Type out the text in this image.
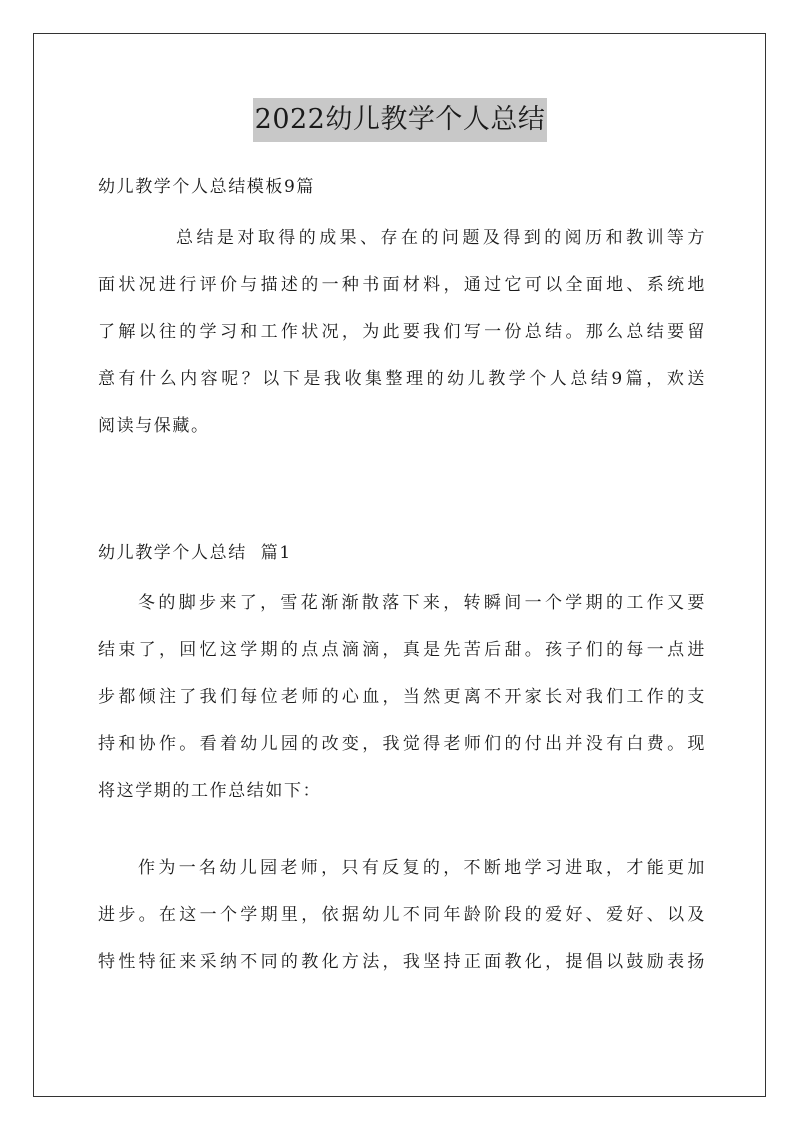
2022幼儿教学个人总结
幼儿教学个人总结模板9篇
总结是对取得的成果、存在的问题及得到的阅历和教训等方
面状况进行评价与描述的一种书面材料，通过它可以全面地、系统地
了解以往的学习和工作状况，为此要我们写一份总结。那么总结要留
意有什么内容呢？以下是我收集整理的幼儿教学个人总结9篇，欢送
阅读与保藏。
幼儿教学个人总结  篇1
冬的脚步来了，雪花渐渐散落下来，转瞬间一个学期的工作又要
结束了，回忆这学期的点点滴滴，真是先苦后甜。孩子们的每一点进
步都倾注了我们每位老师的心血，当然更离不开家长对我们工作的支
持和协作。看着幼儿园的改变，我觉得老师们的付出并没有白费。现
将这学期的工作总结如下：
作为一名幼儿园老师，只有反复的，不断地学习进取，才能更加
进步。在这一个学期里，依据幼儿不同年龄阶段的爱好、爱好、以及
特性特征来采纳不同的教化方法，我坚持正面教化，提倡以鼓励表扬
